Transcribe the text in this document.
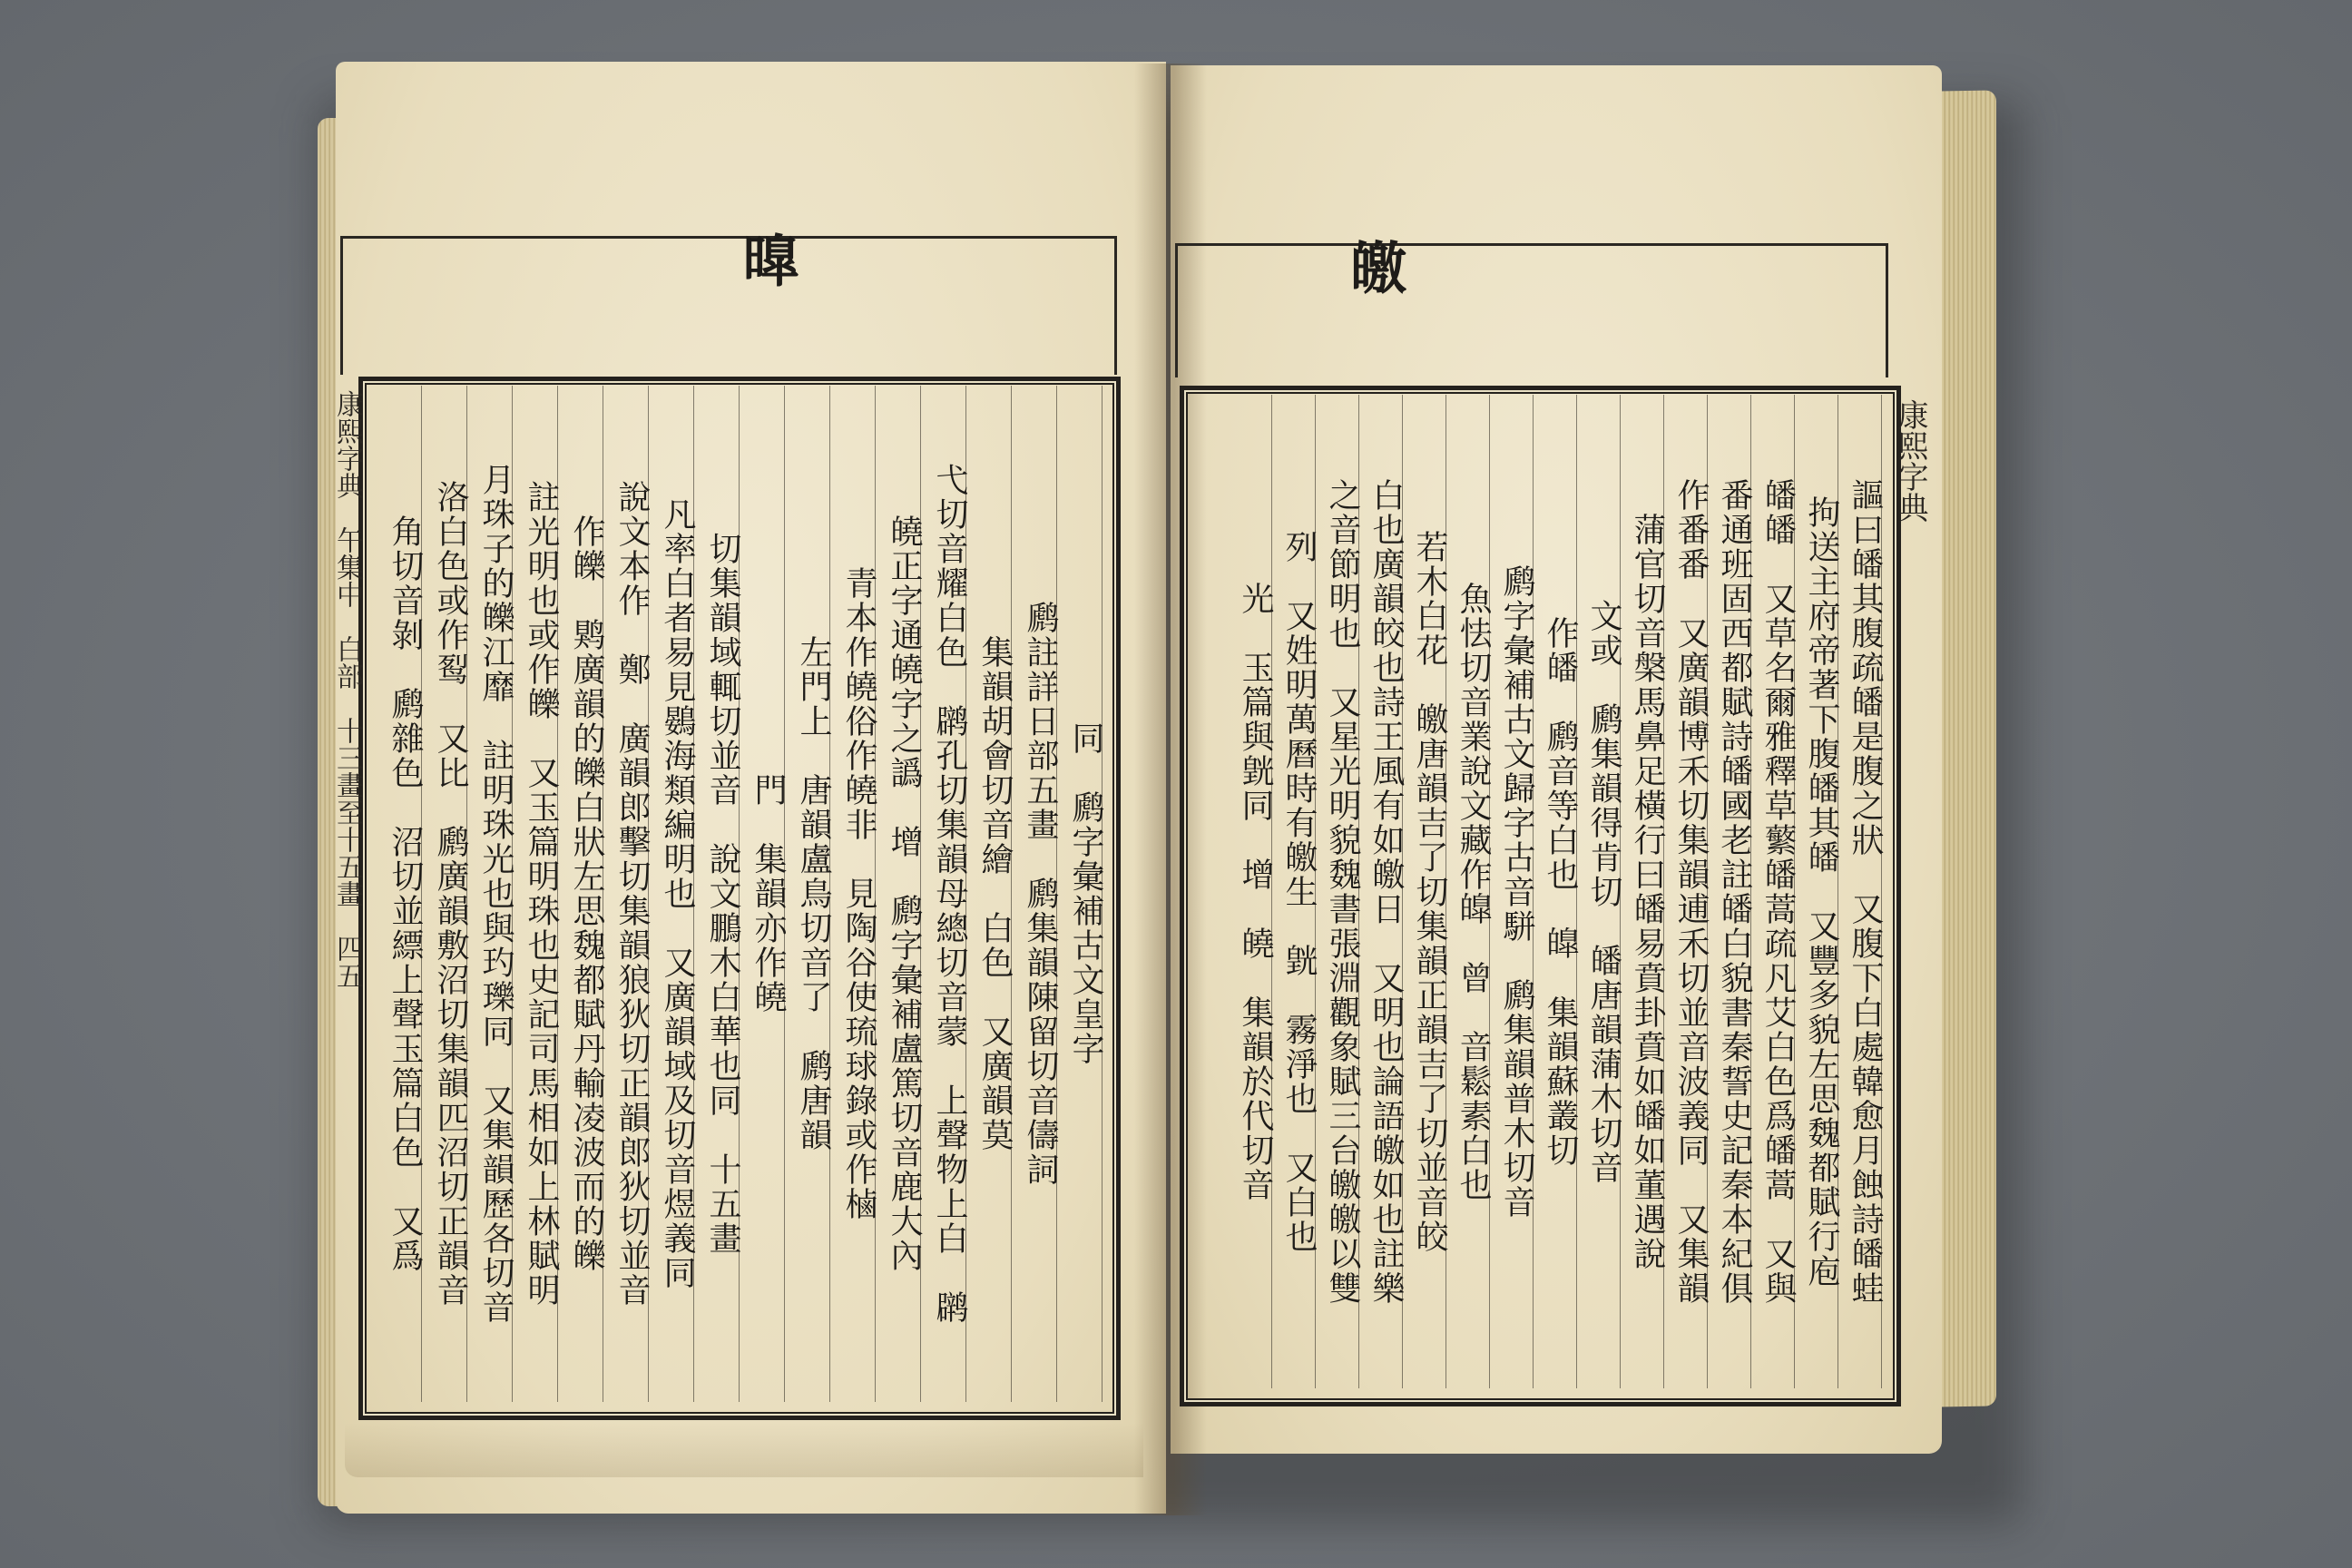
曍	皦
康熙字典　午集中　白部　十三畫至十五畫　四五	康熙字典
同　䴘字彙補古文皇字
䴘註詳日部五畫　䴘集韻陳留切音儔詞
集韻胡會切音繪　白色　又廣韻莫
弋切音耀白色　䴙孔切集韻母總切音蒙　上聲物上白　䴙
皢正字通皢字之譌　增　䴘字彙補盧篤切音鹿大內
青本作皢俗作皢非　見陶谷使琉球錄或作樐
左門上　唐韻盧鳥切音了　䴘唐韻
門　集韻亦作皢
切集韻域輒切並音　說文鵬木白華也同　十五畫
凡率白者易見鷃海類編明也　又廣韻域及切音煜義同
說文本作　鄭　廣韻郎擊切集韻狼狄切正韻郎狄切並音
作皪　䴗廣韻的皪白狀左思魏都賦丹輸凌波而的皪
註光明也或作皪　又玉篇明珠也史記司馬相如上林賦明
月珠子的皪江靡　註明珠光也與玓瓅同　又集韻歷各切音
洛白色或作䴕　又比　䴘廣韻敷沼切集韻匹沼切正韻音
角切音剝　䴘雜色　沼切並縹上聲玉篇白色　又爲	謳曰皤其腹疏皤是腹之狀　又腹下白處韓愈月蝕詩皤蛙
拘送主府帝著下腹皤其皤　又豐多貌左思魏都賦行庖
皤皤　又草名爾雅釋草蘩皤蒿疏凡艾白色爲皤蒿　又與
番通班固西都賦詩皤國老註皤白貌書秦誓史記秦本紀俱
作番番　又廣韻博禾切集韻逋禾切並音波義同　又集韻
蒲官切音槃馬鼻足橫行曰皤易賁卦賁如皤如董遇說
文或　䴘集韻得肯切　皤唐韻蒲木切音
作皤　䴘音等白也　皥　集韻蘇叢切
䴘字彙補古文歸字古音駢　䴘集韻普木切音
魚怯切音業說文藏作皥　曾　音鬆素白也
若木白花　皦唐韻吉了切集韻正韻吉了切並音皎
白也廣韻皎也詩王風有如皦日　又明也論語皦如也註樂
之音節明也　又星光明貌魏書張淵觀象賦三台皦皦以雙
列　又姓明萬曆時有皦生　皝　霧淨也　又白也
光　玉篇與皝同　增　皢　集韻於代切音
